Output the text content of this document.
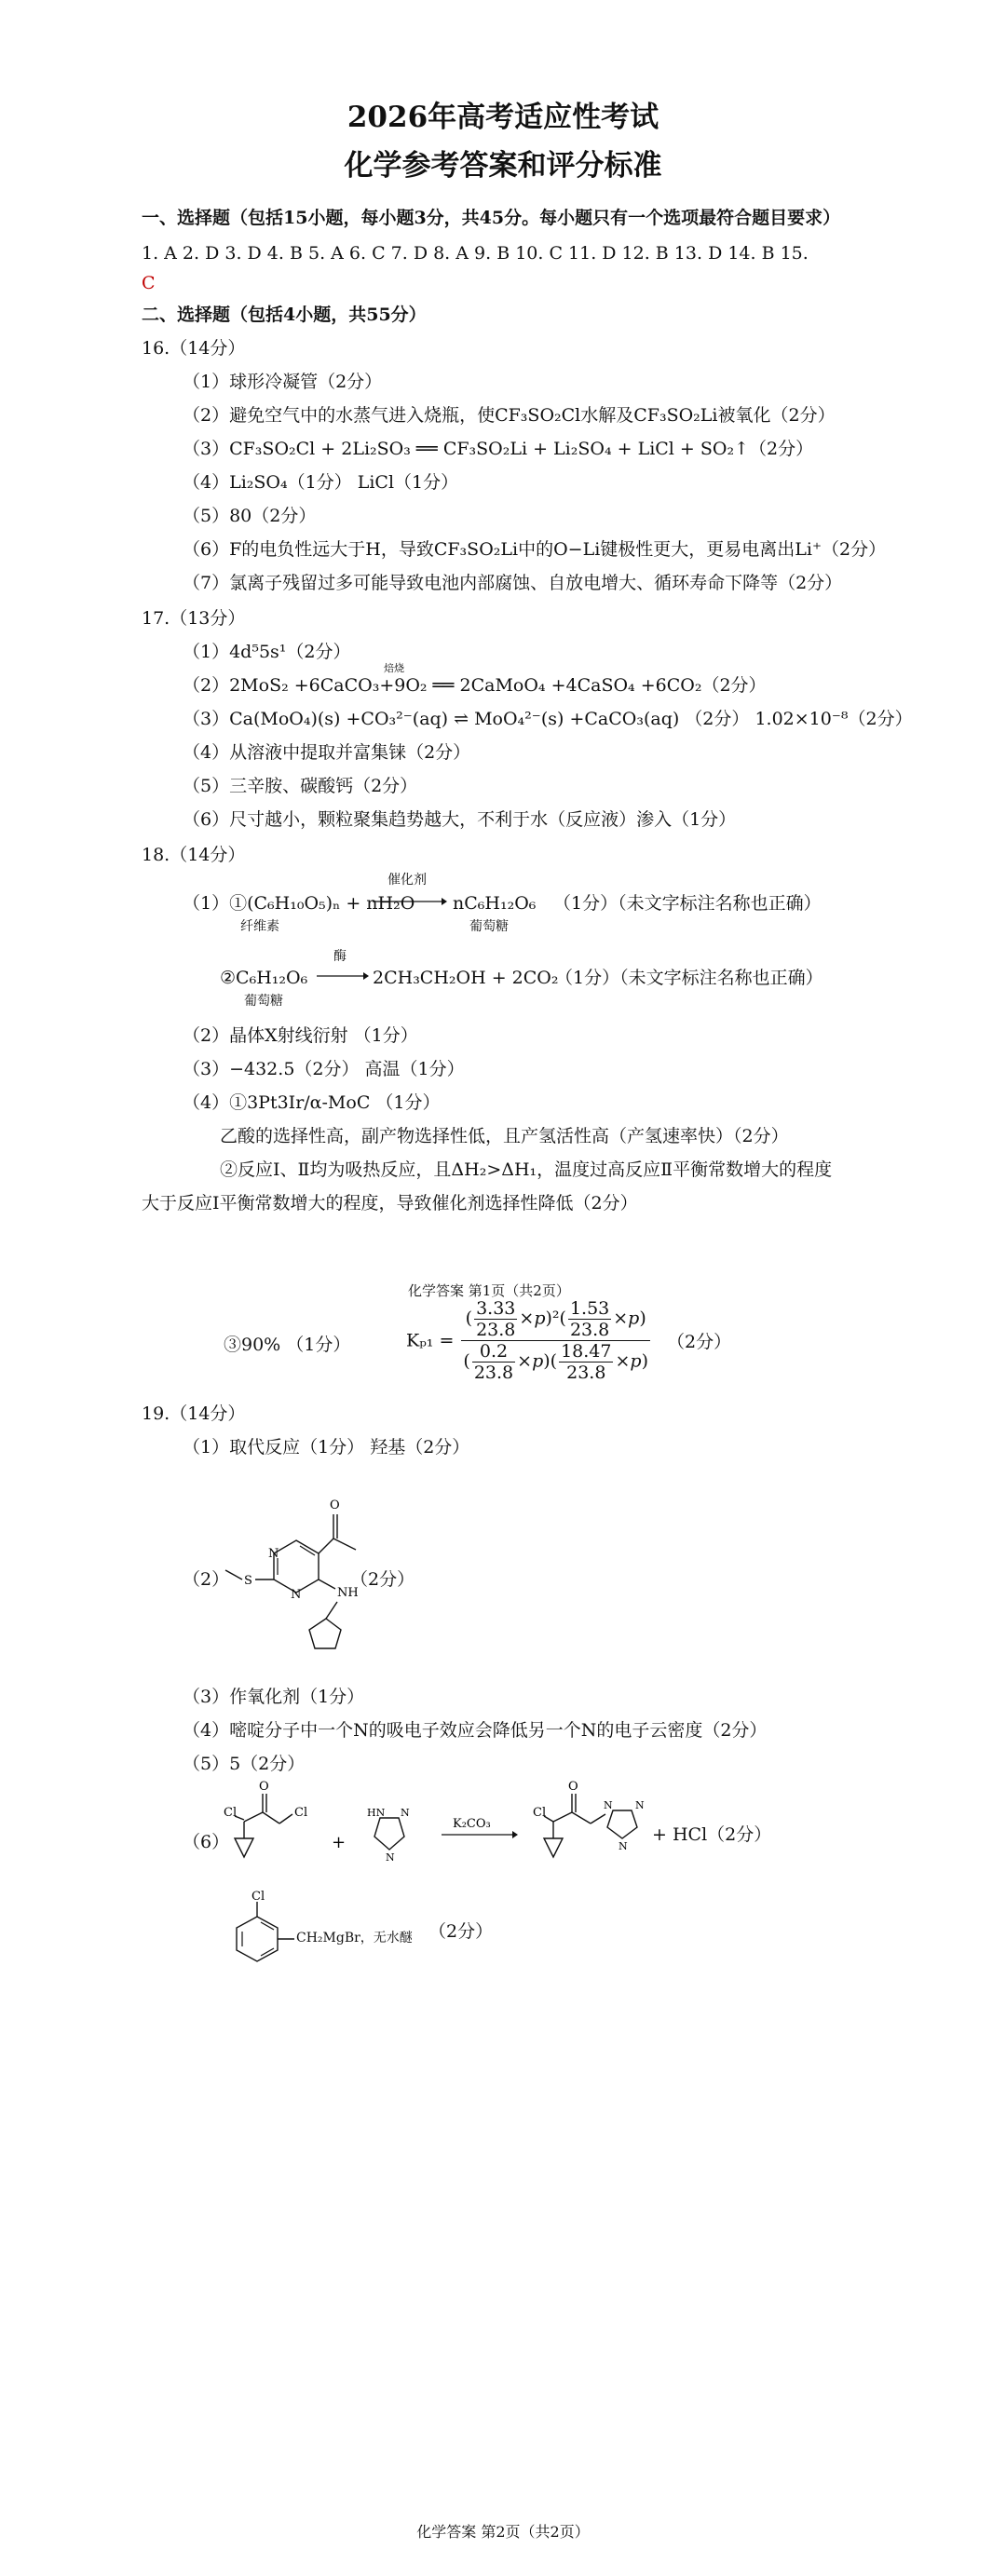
2026年高考适应性考试
化学参考答案和评分标准
一、选择题（包括15小题，每小题3分，共45分。每小题只有一个选项最符合题目要求）
1. A 2. D 3. D 4. B 5. A 6. C 7. D 8. A 9. B 10. C 11. D 12. B 13. D 14. B 15.
C
二、选择题（包括4小题，共55分）
16.（14分）
（1）球形冷凝管（2分）
（2）避免空气中的水蒸气进入烧瓶，使CF₃SO₂Cl水解及CF₃SO₂Li被氧化（2分）
（3）CF₃SO₂Cl + 2Li₂SO₃ ══ CF₃SO₂Li + Li₂SO₄ + LiCl + SO₂↑（2分）
（4）Li₂SO₄（1分） LiCl（1分）
（5）80（2分）
（6）F的电负性远大于H，导致CF₃SO₂Li中的O−Li键极性更大，更易电离出Li⁺（2分）
（7）氯离子残留过多可能导致电池内部腐蚀、自放电增大、循环寿命下降等（2分）
17.（13分）
（1）4d⁵5s¹（2分）
焙烧
（2）2MoS₂ +6CaCO₃+9O₂ ══ 2CaMoO₄ +4CaSO₄ +6CO₂（2分）
（3）Ca(MoO₄)(s) +CO₃²⁻(aq) ⇌ MoO₄²⁻(s) +CaCO₃(aq) （2分） 1.02×10⁻⁸（2分）
（4）从溶液中提取并富集铼（2分）
（5）三辛胺、碳酸钙（2分）
（6）尺寸越小，颗粒聚集趋势越大，不利于水（反应液）渗入（1分）
18.（14分）
（1）①(C₆H₁₀O₅)ₙ + nH₂O
催化剂
nC₆H₁₂O₆ （1分）（未文字标注名称也正确）
纤维素	葡萄糖
②C₆H₁₂O₆
酶
2CH₃CH₂OH + 2CO₂
（1分）（未文字标注名称也正确）
葡萄糖
（2）晶体X射线衍射 （1分）
（3）−432.5（2分） 高温（1分）
（4）①3Pt3Ir/α-MoC （1分）
乙酸的选择性高，副产物选择性低，且产氢活性高（产氢速率快）（2分）
②反应Ⅰ、Ⅱ均为吸热反应，且ΔH₂>ΔH₁，温度过高反应Ⅱ平衡常数增大的程度
大于反应Ⅰ平衡常数增大的程度，导致催化剂选择性降低（2分）
化学答案 第1页（共2页）
③90% （1分）	$K_{p1} = \frac{( \frac{3.33}{23.8} \times p)^2( \frac{1.53}{23.8} \times p)}{( \frac{0.2}{23.8} \times p)( \frac{18.47}{23.8} \times p)} (2$分）
19.（14分）
（1）取代反应（1分） 羟基（2分）
（2）
N
N
O
S
NH
（2分）
（3）作氧化剂（1分）
（4）嘧啶分子中一个N的吸电子效应会降低另一个N的电子云密度（2分）
（5）5（2分）
（6）
Cl
O
Cl
+
HN N
N
K₂CO₃
Cl
O
N N
N
+ HCl（2分）
Cl
CH₂MgBr，无水醚 （2分）
化学答案 第2页（共2页）
